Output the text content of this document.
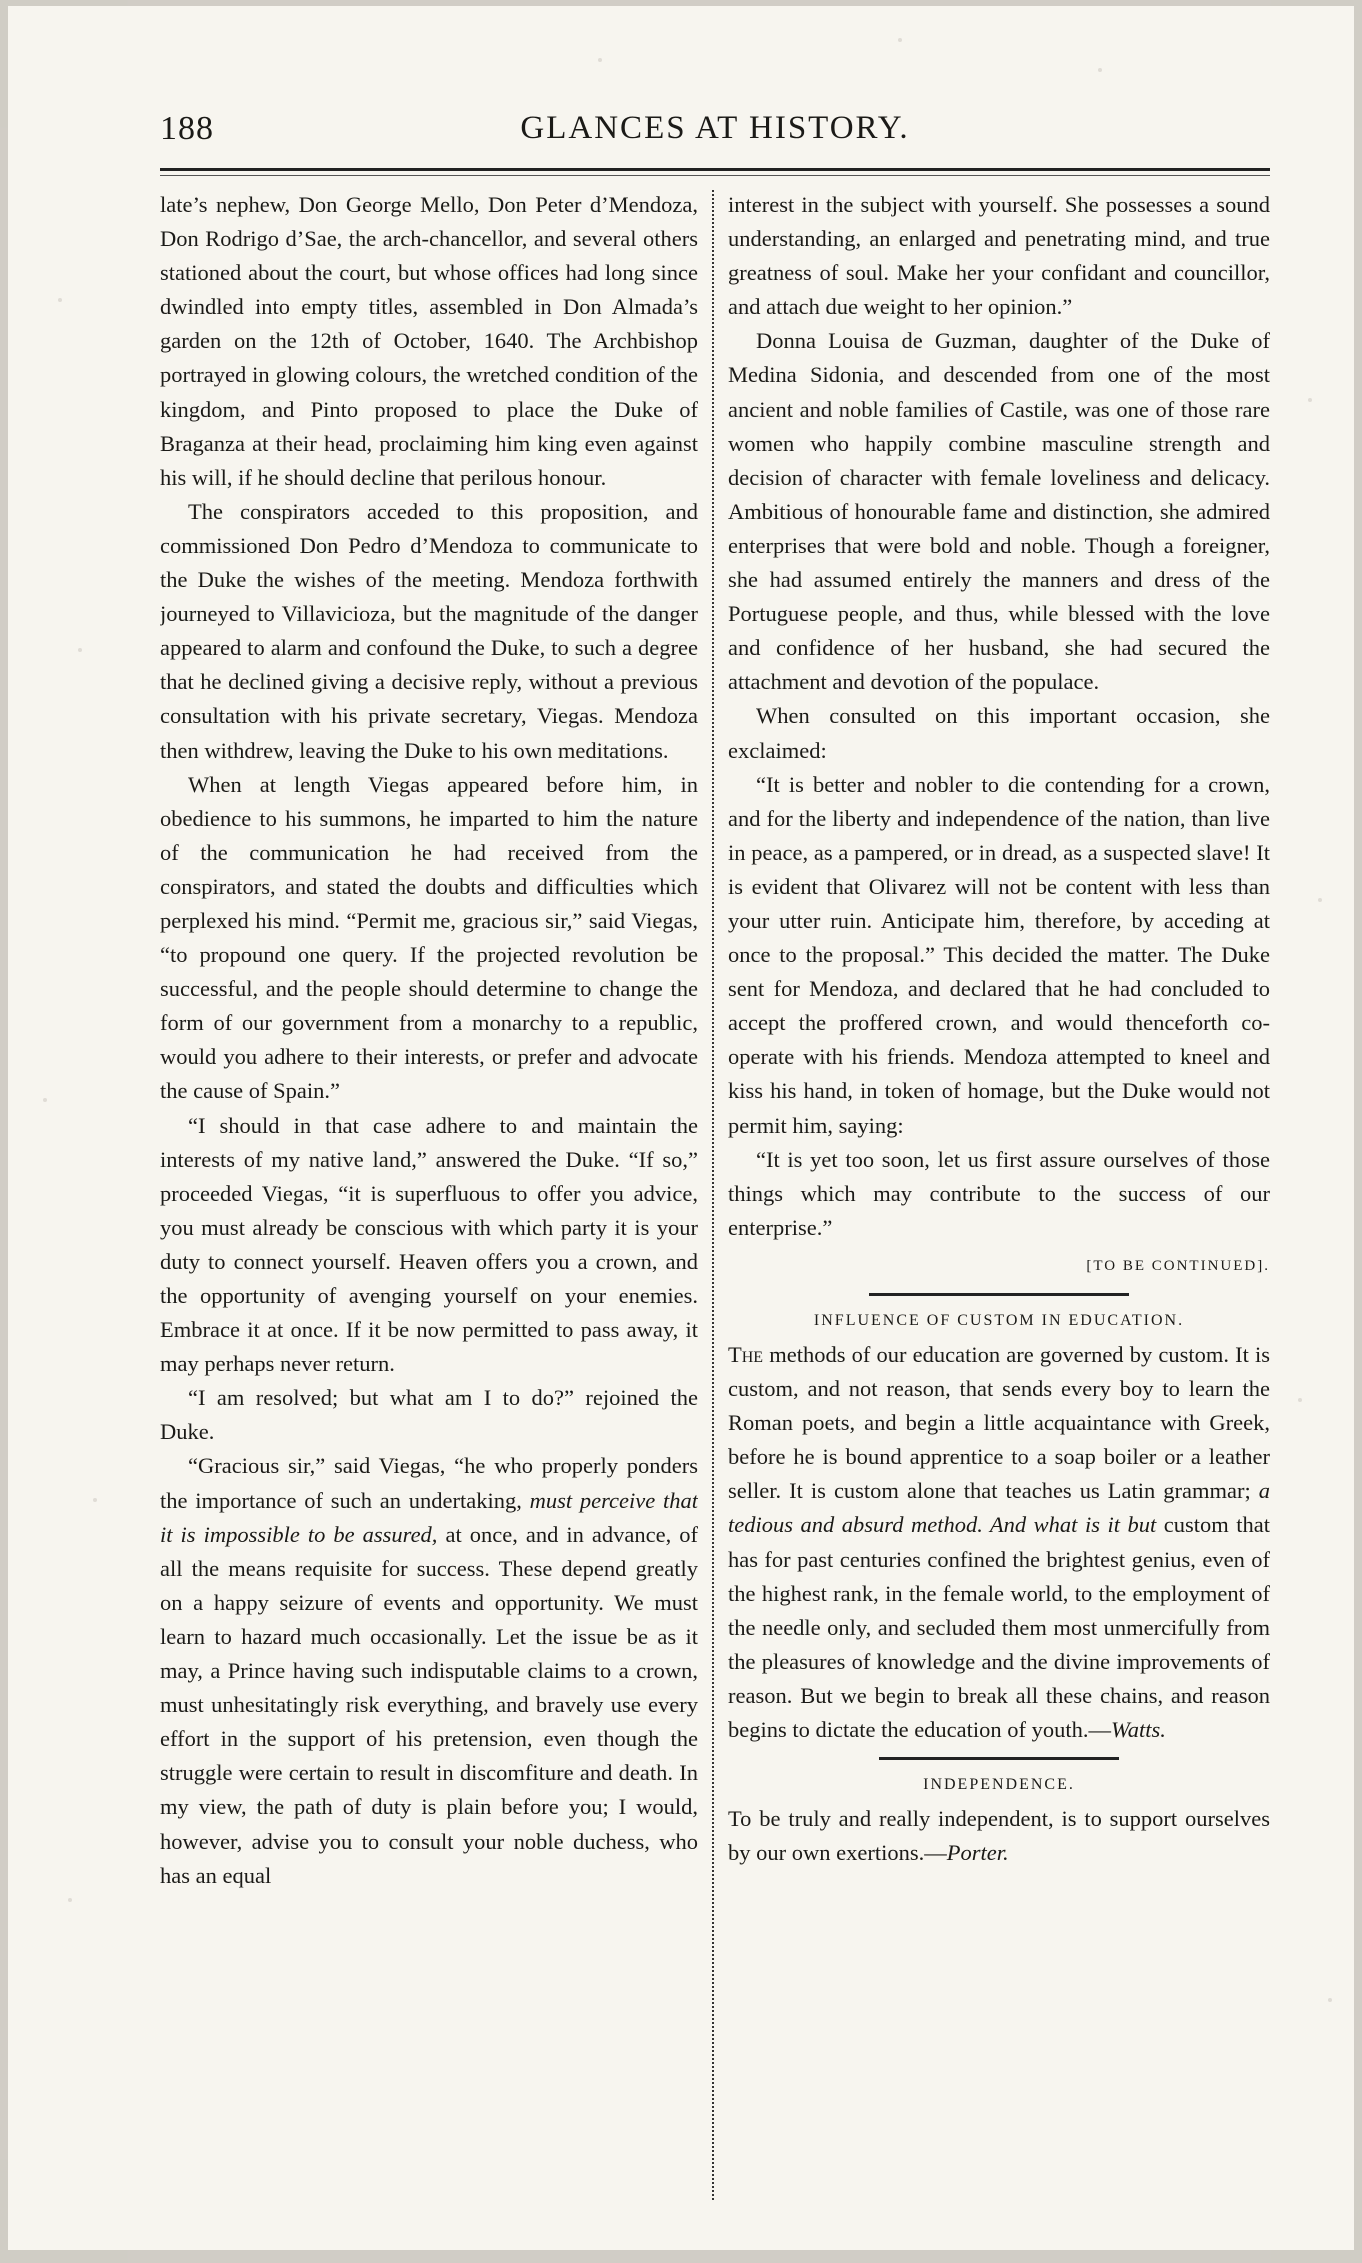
188	GLANCES AT HISTORY.

late’s nephew, Don George Mello, Don Peter d’Mendoza, Don Rodrigo d’Sae, the arch-chancellor, and several others stationed about the court, but whose offices had long since dwindled into empty titles, assembled in Don Almada’s garden on the 12th of October, 1640. The Archbishop portrayed in glowing colours, the wretched condition of the kingdom, and Pinto proposed to place the Duke of Braganza at their head, proclaiming him king even against his will, if he should decline that perilous honour.

The conspirators acceded to this proposition, and commissioned Don Pedro d’Mendoza to communicate to the Duke the wishes of the meeting. Mendoza forthwith journeyed to Villavicioza, but the magnitude of the danger appeared to alarm and confound the Duke, to such a degree that he declined giving a decisive reply, without a previous consultation with his private secretary, Viegas. Mendoza then withdrew, leaving the Duke to his own meditations.

When at length Viegas appeared before him, in obedience to his summons, he imparted to him the nature of the communication he had received from the conspirators, and stated the doubts and difficulties which perplexed his mind. “Permit me, gracious sir,” said Viegas, “to propound one query. If the projected revolution be successful, and the people should determine to change the form of our government from a monarchy to a republic, would you adhere to their interests, or prefer and advocate the cause of Spain.”

“I should in that case adhere to and maintain the interests of my native land,” answered the Duke. “If so,” proceeded Viegas, “it is superfluous to offer you advice, you must already be conscious with which party it is your duty to connect yourself. Heaven offers you a crown, and the opportunity of avenging yourself on your enemies. Embrace it at once. If it be now permitted to pass away, it may perhaps never return.

“I am resolved; but what am I to do?” rejoined the Duke.

“Gracious sir,” said Viegas, “he who properly ponders the importance of such an undertaking, must perceive that it is impossible to be assured, at once, and in advance, of all the means requisite for success. These depend greatly on a happy seizure of events and opportunity. We must learn to hazard much occasionally. Let the issue be as it may, a Prince having such indisputable claims to a crown, must unhesitatingly risk everything, and bravely use every effort in the support of his pretension, even though the struggle were certain to result in discomfiture and death. In my view, the path of duty is plain before you; I would, however, advise you to consult your noble duchess, who has an equal

interest in the subject with yourself. She possesses a sound understanding, an enlarged and penetrating mind, and true greatness of soul. Make her your confidant and councillor, and attach due weight to her opinion.”

Donna Louisa de Guzman, daughter of the Duke of Medina Sidonia, and descended from one of the most ancient and noble families of Castile, was one of those rare women who happily combine masculine strength and decision of character with female loveliness and delicacy. Ambitious of honourable fame and distinction, she admired enterprises that were bold and noble. Though a foreigner, she had assumed entirely the manners and dress of the Portuguese people, and thus, while blessed with the love and confidence of her husband, she had secured the attachment and devotion of the populace.

When consulted on this important occasion, she exclaimed:

“It is better and nobler to die contending for a crown, and for the liberty and independence of the nation, than live in peace, as a pampered, or in dread, as a suspected slave! It is evident that Olivarez will not be content with less than your utter ruin. Anticipate him, therefore, by acceding at once to the proposal.” This decided the matter. The Duke sent for Mendoza, and declared that he had concluded to accept the proffered crown, and would thenceforth co-operate with his friends. Mendoza attempted to kneel and kiss his hand, in token of homage, but the Duke would not permit him, saying:

“It is yet too soon, let us first assure ourselves of those things which may contribute to the success of our enterprise.”

[TO BE CONTINUED].
INFLUENCE OF CUSTOM IN EDUCATION.

The methods of our education are governed by custom. It is custom, and not reason, that sends every boy to learn the Roman poets, and begin a little acquaintance with Greek, before he is bound apprentice to a soap boiler or a leather seller. It is custom alone that teaches us Latin grammar; a tedious and absurd method. And what is it but custom that has for past centuries confined the brightest genius, even of the highest rank, in the female world, to the employment of the needle only, and secluded them most unmercifully from the pleasures of knowledge and the divine improvements of reason. But we begin to break all these chains, and reason begins to dictate the education of youth.—Watts.

INDEPENDENCE.

To be truly and really independent, is to support ourselves by our own exertions.—Porter.
